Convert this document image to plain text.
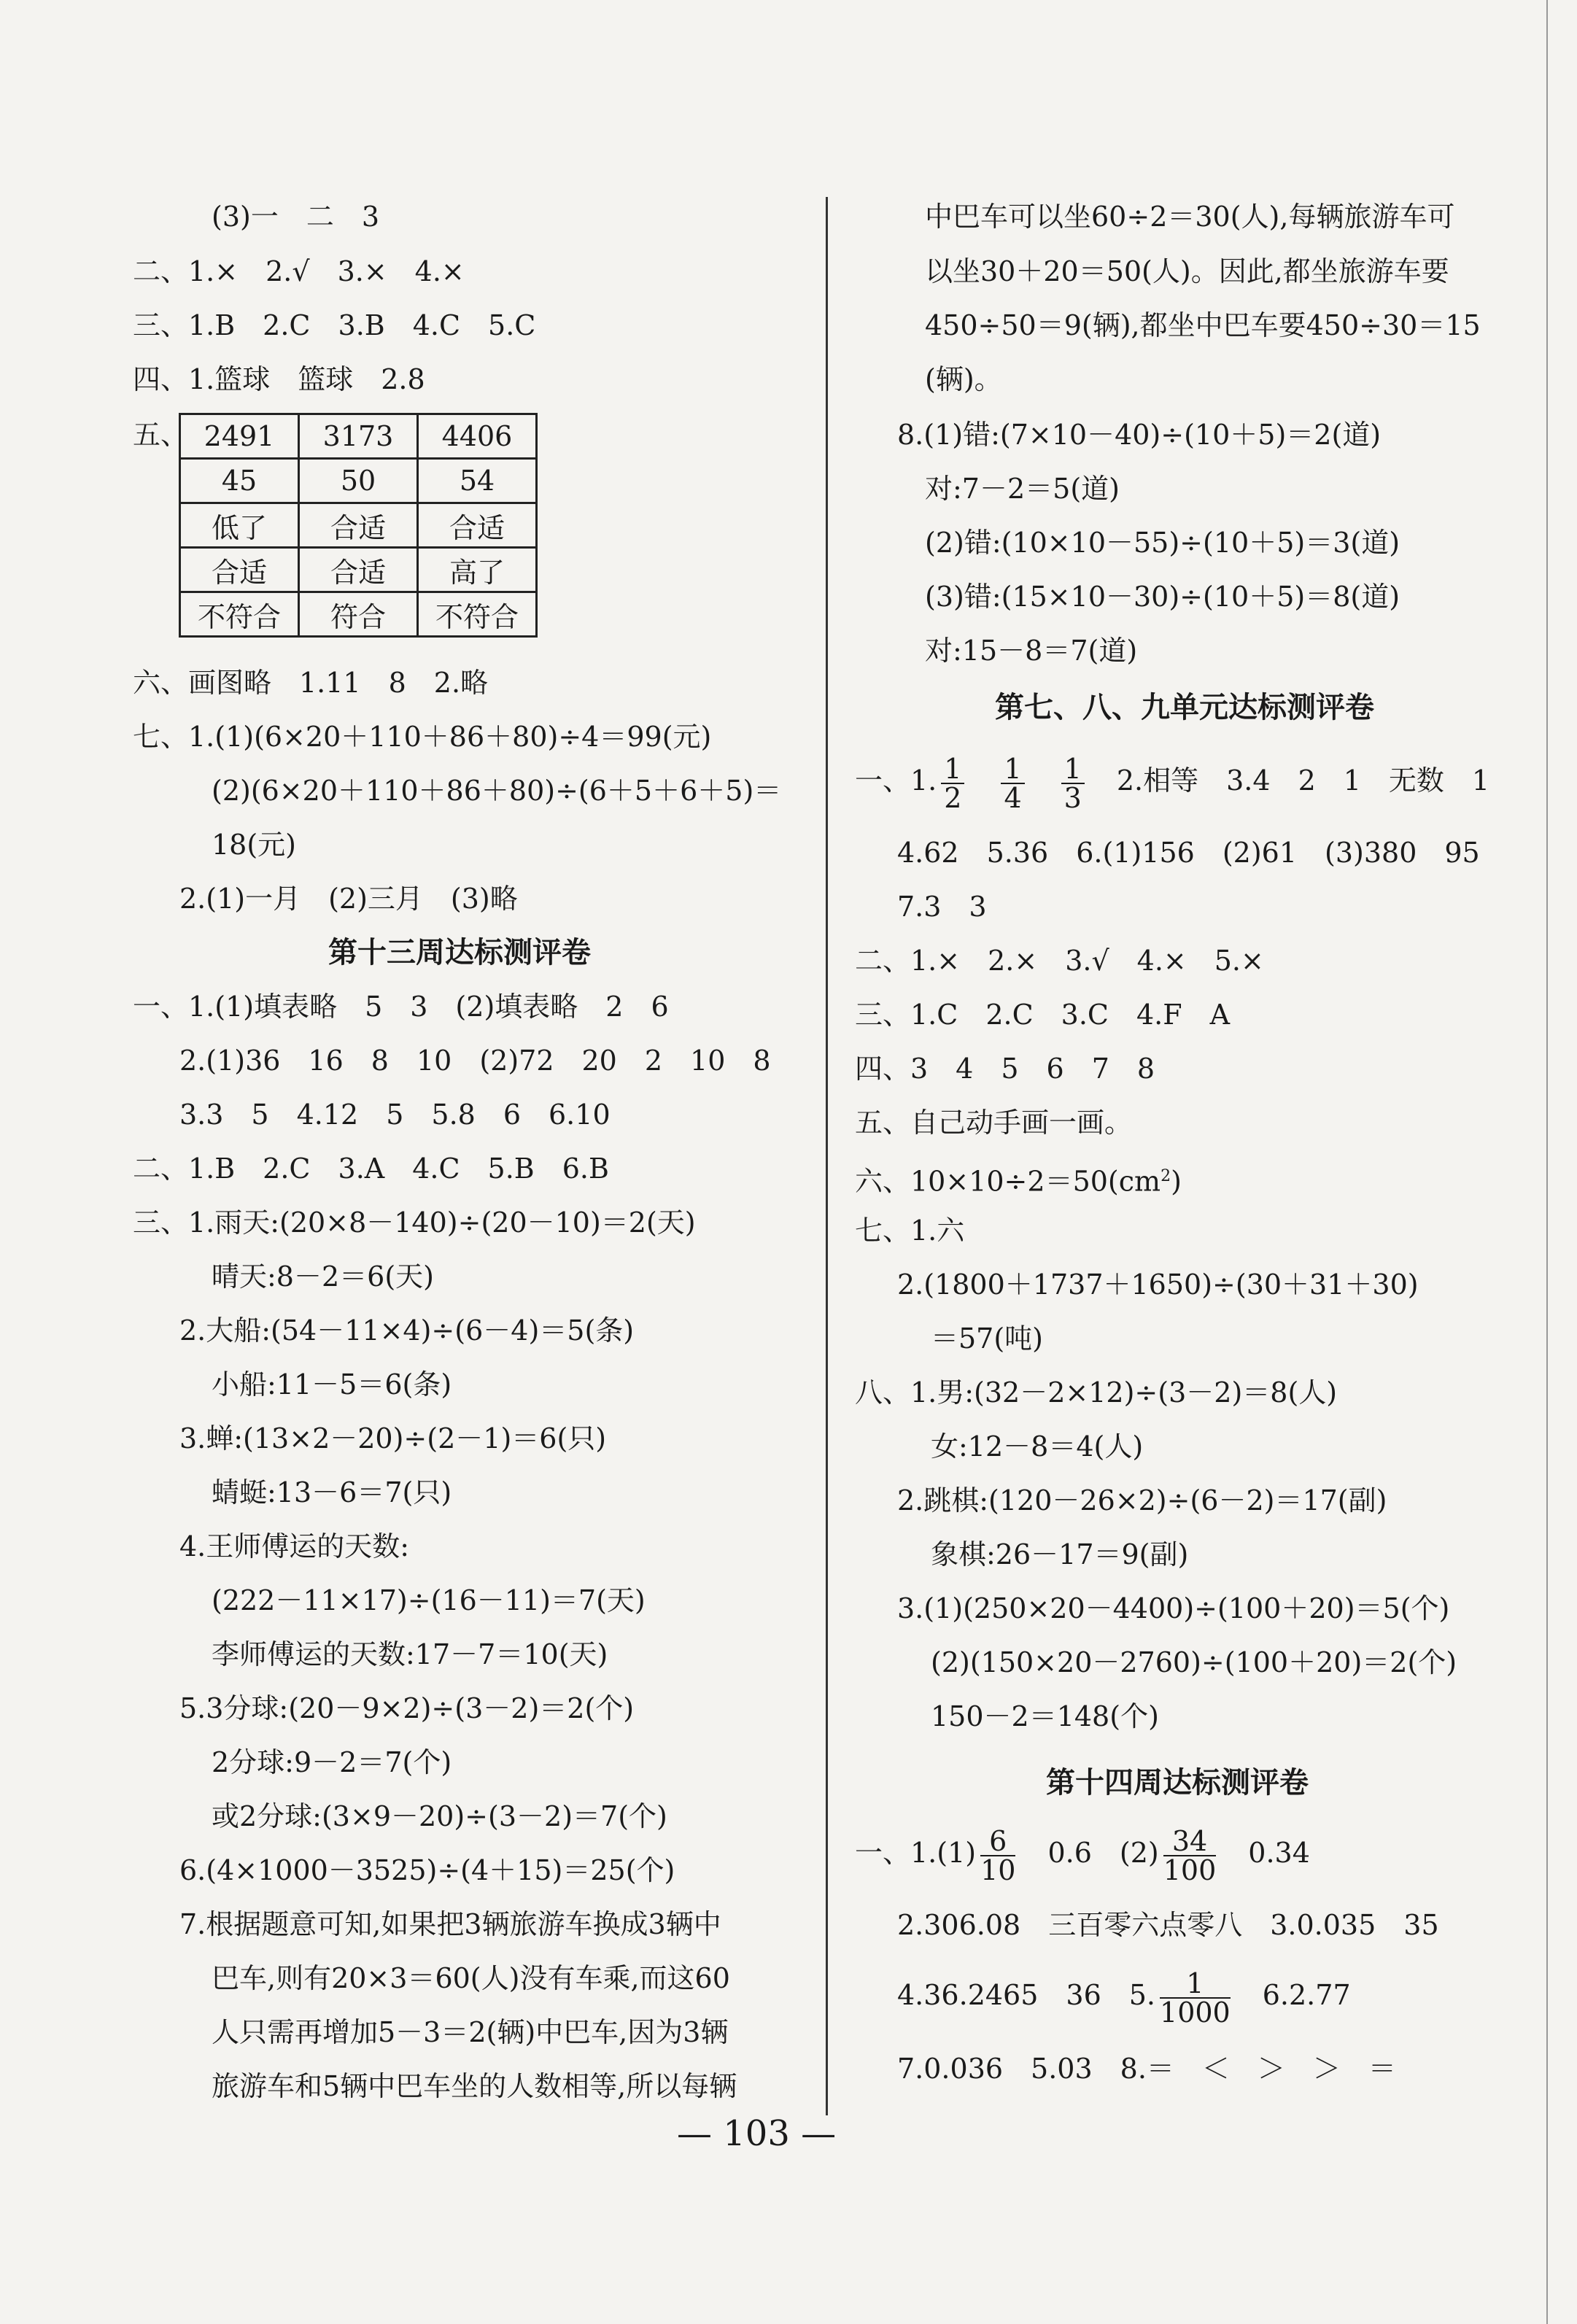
(3)一　二　3
二、1.×　2.√　3.×　4.×
三、1.B　2.C　3.B　4.C　5.C
四、1.篮球　篮球　2.8
五、 2491	3173	4406
45	50	54
低了	合适	合适
合适	合适	高了
不符合	符合	不符合
六、画图略　1.11　8　2.略
七、1.(1)(6×20＋110＋86＋80)÷4＝99(元)
(2)(6×20＋110＋86＋80)÷(6＋5＋6＋5)＝
18(元)
2.(1)一月　(2)三月　(3)略
第十三周达标测评卷
一、1.(1)填表略　5　3　(2)填表略　2　6
2.(1)36　16　8　10　(2)72　20　2　10　8
3.3　5　4.12　5　5.8　6　6.10
二、1.B　2.C　3.A　4.C　5.B　6.B
三、1.雨天:(20×8－140)÷(20－10)＝2(天)
晴天:8－2＝6(天)
2.大船:(54－11×4)÷(6－4)＝5(条)
小船:11－5＝6(条)
3.蝉:(13×2－20)÷(2－1)＝6(只)
蜻蜓:13－6＝7(只)
4.王师傅运的天数:
(222－11×17)÷(16－11)＝7(天)
李师傅运的天数:17－7＝10(天)
5.3分球:(20－9×2)÷(3－2)＝2(个)
2分球:9－2＝7(个)
或2分球:(3×9－20)÷(3－2)＝7(个)
6.(4×1000－3525)÷(4＋15)＝25(个)
7.根据题意可知,如果把3辆旅游车换成3辆中
巴车,则有20×3＝60(人)没有车乘,而这60
人只需再增加5－3＝2(辆)中巴车,因为3辆
旅游车和5辆中巴车坐的人数相等,所以每辆
中巴车可以坐60÷2＝30(人),每辆旅游车可
以坐30＋20＝50(人)。因此,都坐旅游车要
450÷50＝9(辆),都坐中巴车要450÷30＝15
(辆)。
8.(1)错:(7×10－40)÷(10＋5)＝2(道)
对:7－2＝5(道)
(2)错:(10×10－55)÷(10＋5)＝3(道)
(3)错:(15×10－30)÷(10＋5)＝8(道)
对:15－8＝7(道)
第七、八、九单元达标测评卷
一、1. $\frac{1}{2}$
　 $\frac{1}{4}$
　 $\frac{1}{3}$
　 2.相等　3.4　2　1　无数　1
4.62　5.36　6.(1)156　(2)61　(3)380　95
7.3　3
二、1.×　2.×　3.√　4.×　5.×
三、1.C　2.C　3.C　4.F　A
四、3　4　5　6　7　8
五、自己动手画一画。
六、$10\times 10\div 2=50(cm^2)$
七、1.六
2.(1800＋1737＋1650)÷(30＋31＋30)
＝57(吨)
八、1.男:(32－2×12)÷(3－2)＝8(人)
女:12－8＝4(人)
2.跳棋:(120－26×2)÷(6－2)＝17(副)
象棋:26－17＝9(副)
3.(1)(250×20－4400)÷(100＋20)＝5(个)
(2)(150×20－2760)÷(100＋20)＝2(个)
150－2＝148(个)
第十四周达标测评卷
一、$1.(1) \frac{6}{10}$
　 0.6　$(2) \frac{34}{100}$
　 0.34
2.306.08　三百零六点零八　3.0.035　35
4.36.2465　36　5. $\frac{1}{1000}$
　 6.2.77
7.0.036　5.03　8.＝　＜　＞　＞　＝
— 103 —
